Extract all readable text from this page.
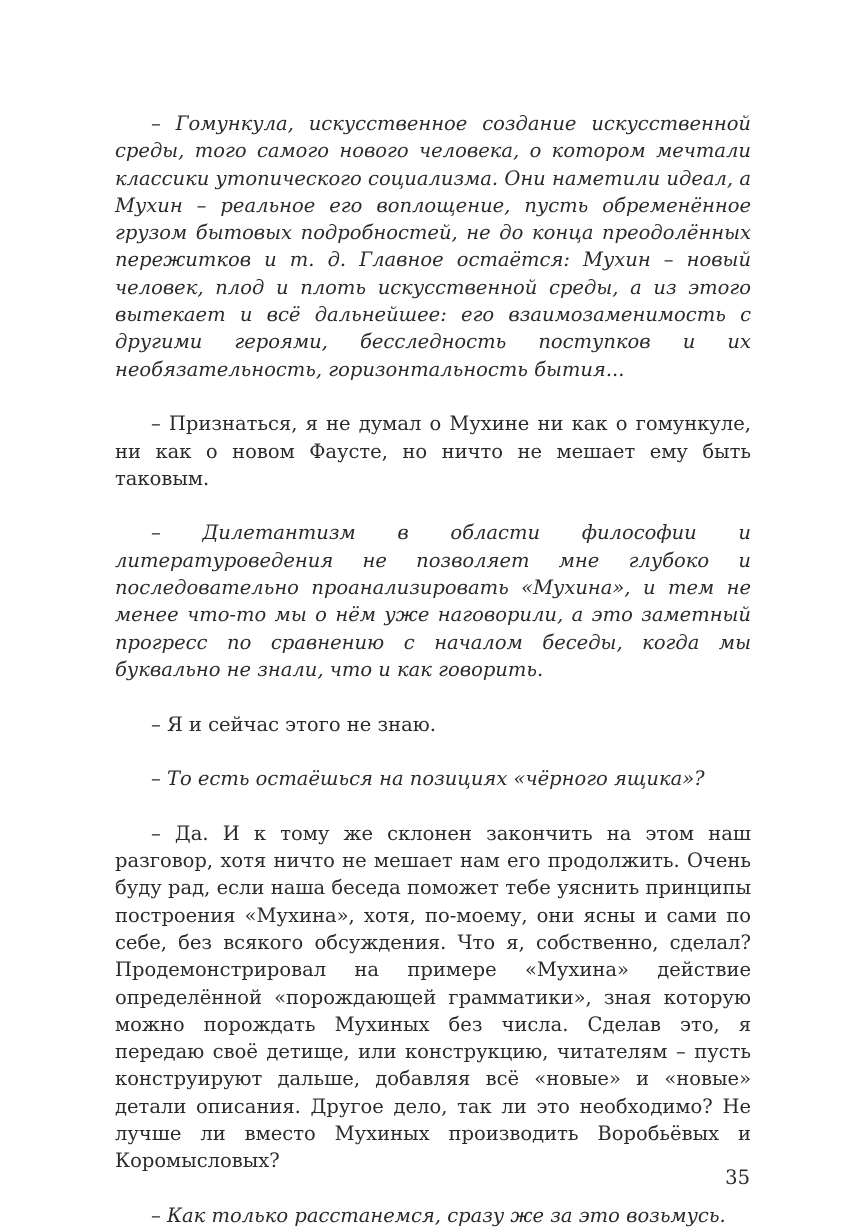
– Гомункула, искусственное создание искусственной среды, того самого нового человека, о котором мечтали классики утопического социализма. Они наметили идеал, а Мухин – реальное его воплощение, пусть обременённое грузом бытовых подробностей, не до конца преодолённых пережитков и т. д. Главное остаётся: Мухин – новый человек, плод и плоть искусственной среды, а из этого вытекает и всё дальнейшее: его взаимозаменимость с другими героями, бесследность поступков и их необязательность, горизонтальность бытия...

– Признаться, я не думал о Мухине ни как о гомункуле, ни как о новом Фаусте, но ничто не мешает ему быть таковым.

– Дилетантизм в области философии и литературоведения не позволяет мне глубоко и последовательно проанализировать «Мухина», и тем не менее что-то мы о нём уже наговорили, а это заметный прогресс по сравнению с началом беседы, когда мы буквально не знали, что и как говорить.

– Я и сейчас этого не знаю.

– То есть остаёшься на позициях «чёрного ящика»?

– Да. И к тому же склонен закончить на этом наш разговор, хотя ничто не мешает нам его продолжить. Очень буду рад, если наша беседа поможет тебе уяснить принципы построения «Мухина», хотя, по-моему, они ясны и сами по себе, без всякого обсуждения. Что я, собственно, сделал? Продемонстрировал на примере «Мухина» действие определённой «порождающей грамматики», зная которую можно порождать Мухиных без числа. Сделав это, я передаю своё детище, или конструкцию, читателям – пусть конструируют дальше, добавляя всё «новые» и «новые» детали описания. Другое дело, так ли это необходимо? Не лучше ли вместо Мухиных производить Воробьёвых и Коромысловых?

– Как только расстанемся, сразу же за это возьмусь.

35
